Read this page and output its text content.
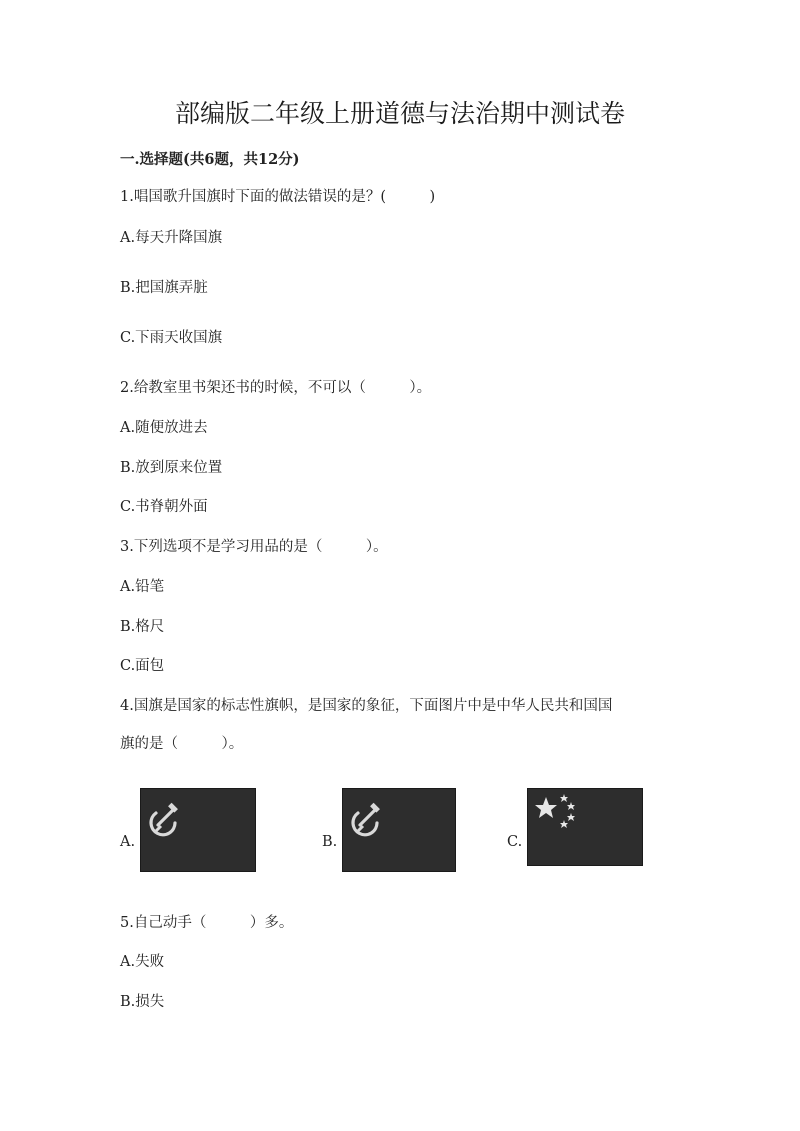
部编版二年级上册道德与法治期中测试卷
一.选择题(共6题，共12分)
1.唱国歌升国旗时下面的做法错误的是？(　　　)
A.每天升降国旗
B.把国旗弄脏
C.下雨天收国旗
2.给教室里书架还书的时候，不可以（　　　）。
A.随便放进去
B.放到原来位置
C.书脊朝外面
3.下列选项不是学习用品的是（　　　）。
A.铅笔
B.格尺
C.面包
4.国旗是国家的标志性旗帜，是国家的象征，下面图片中是中华人民共和国国
旗的是（　　　）。
A.	B.	C.
5.自己动手（　　　）多。
A.失败
B.损失
